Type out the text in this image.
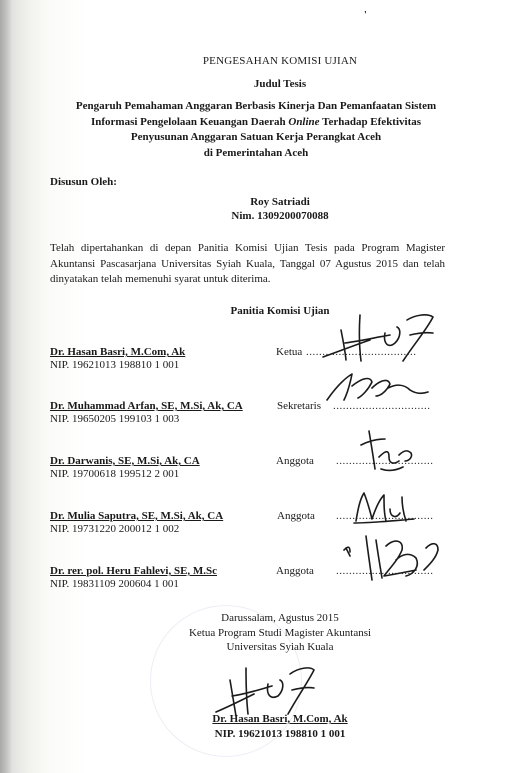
'
PENGESAHAN KOMISI UJIAN
Judul Tesis
Pengaruh Pemahaman Anggaran Berbasis Kinerja Dan Pemanfaatan Sistem
Informasi Pengelolaan Keuangan Daerah Online Terhadap Efektivitas
Penyusunan Anggaran Satuan Kerja Perangkat Aceh
di Pemerintahan Aceh
Disusun Oleh:
Roy Satriadi
Nim. 1309200070088
Telah dipertahankan di depan Panitia Komisi Ujian Tesis pada Program Magister Akuntansi Pascasarjana Universitas Syiah Kuala, Tanggal 07 Agustus 2015 dan telah dinyatakan telah memenuhi syarat untuk diterima.
Panitia Komisi Ujian
Dr. Hasan Basri, M.Com, Ak
NIP. 19621013 198810 1 001
Ketua ..................................
Dr. Muhammad Arfan, SE, M.Si, Ak, CA
NIP. 19650205 199103 1 003
Sekretaris ..............................
Dr. Darwanis, SE, M.Si, Ak, CA
NIP. 19700618 199512 2 001
Anggota ..............................
Dr. Mulia Saputra, SE, M.Si, Ak, CA
NIP. 19731220 200012 1 002
Anggota ..............................
Dr. rer. pol. Heru Fahlevi, SE, M.Sc
NIP. 19831109 200604 1 001
Anggota ..............................
Darussalam, Agustus 2015
Ketua Program Studi Magister Akuntansi
Universitas Syiah Kuala
Dr. Hasan Basri, M.Com, Ak
NIP. 19621013 198810 1 001
